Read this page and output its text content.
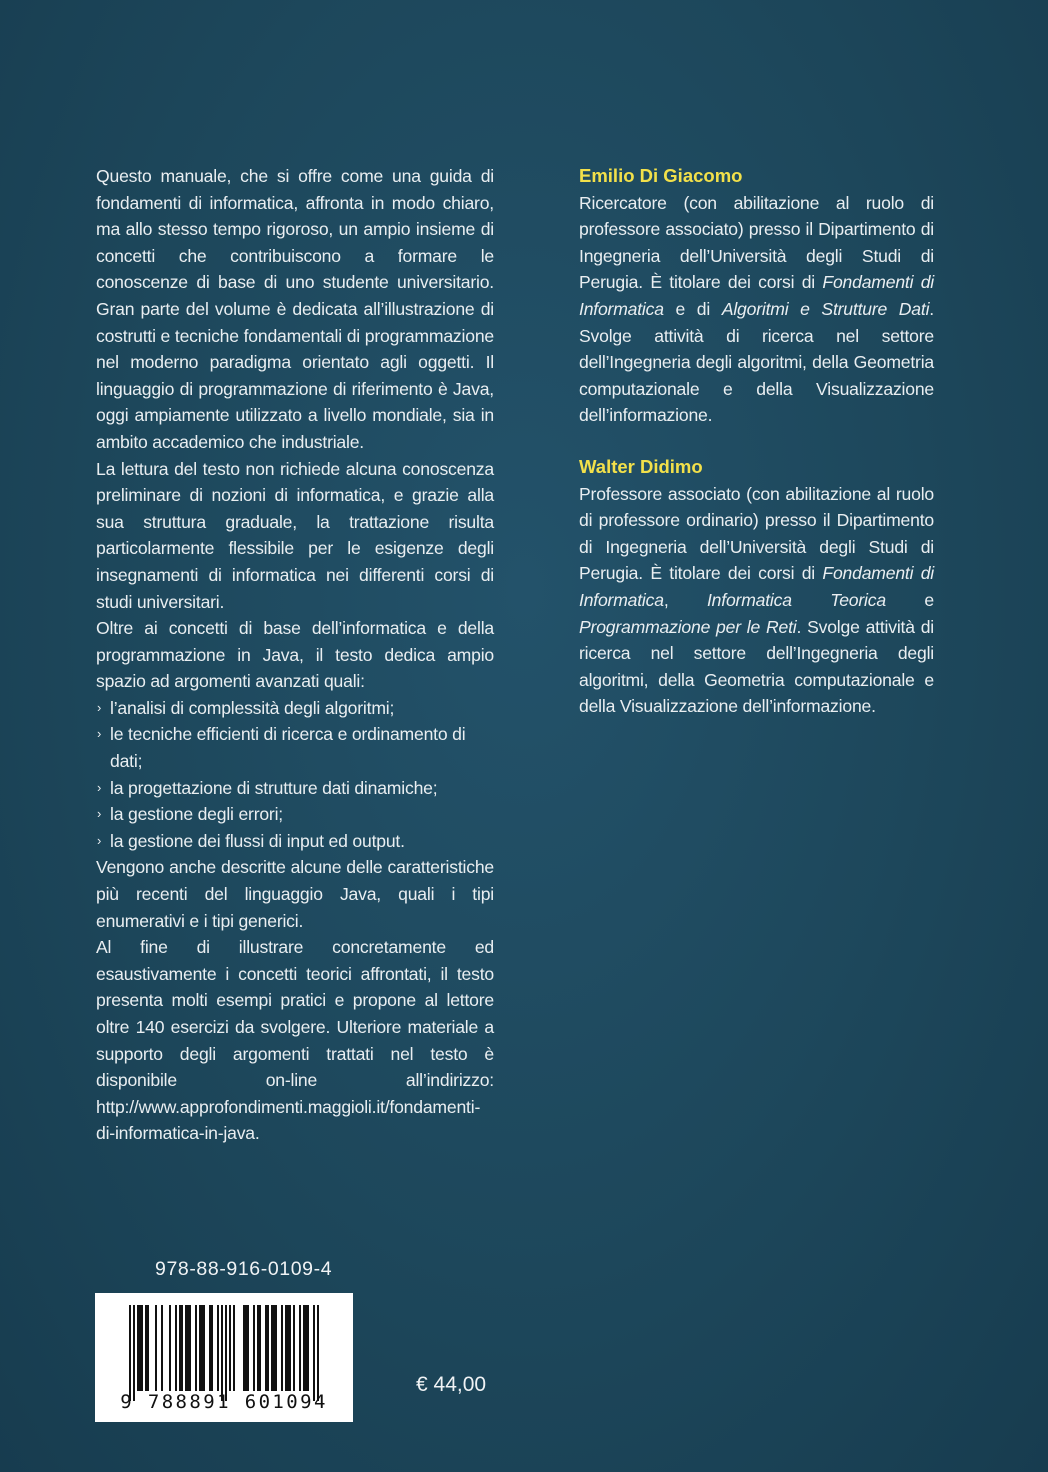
Questo manuale, che si offre come una guida di fondamenti di informatica, affronta in modo chiaro, ma allo stesso tempo rigoroso, un ampio insieme di concetti che contribuiscono a formare le conoscenze di base di uno studente universitario. Gran parte del volume è dedicata all’illustrazione di costrutti e tecniche fondamentali di programmazione nel moderno paradigma orientato agli oggetti. Il linguaggio di programmazione di riferimento è Java, oggi ampiamente utilizzato a livello mondiale, sia in ambito accademico che industriale.

La lettura del testo non richiede alcuna conoscenza preliminare di nozioni di informatica, e grazie alla sua struttura graduale, la trattazione risulta particolarmente flessibile per le esigenze degli insegnamenti di informatica nei differenti corsi di studi universitari.

Oltre ai concetti di base dell’informatica e della programmazione in Java, il testo dedica ampio spazio ad argomenti avanzati quali:

› l’analisi di complessità degli algoritmi;
› le tecniche efficienti di ricerca e ordinamento di dati;
› la progettazione di strutture dati dinamiche;
› la gestione degli errori;
› la gestione dei flussi di input ed output.

Vengono anche descritte alcune delle caratteristiche più recenti del linguaggio Java, quali i tipi enumerativi e i tipi generici.

Al fine di illustrare concretamente ed esaustivamente i concetti teorici affrontati, il testo presenta molti esempi pratici e propone al lettore oltre 140 esercizi da svolgere. Ulteriore materiale a supporto degli argomenti trattati nel testo è disponibile on-line all’indirizzo: http://www.approfondimenti.maggioli.it/fondamenti-di-informatica-in-java.

Emilio Di Giacomo

Ricercatore (con abilitazione al ruolo di professore associato) presso il Dipartimento di Ingegneria dell’Università degli Studi di Perugia. È titolare dei corsi di Fondamenti di Informatica e di Algoritmi e Strutture Dati. Svolge attività di ricerca nel settore dell’Ingegneria degli algoritmi, della Geometria computazionale e della Visualizzazione dell’informazione.

Walter Didimo

Professore associato (con abilitazione al ruolo di professore ordinario) presso il Dipartimento di Ingegneria dell’Università degli Studi di Perugia. È titolare dei corsi di Fondamenti di Informatica, Informatica Teorica e Programmazione per le Reti. Svolge attività di ricerca nel settore dell’Ingegneria degli algoritmi, della Geometria computazionale e della Visualizzazione dell’informazione.

978-88-916-0109-4
9 788891 601094
€ 44,00
